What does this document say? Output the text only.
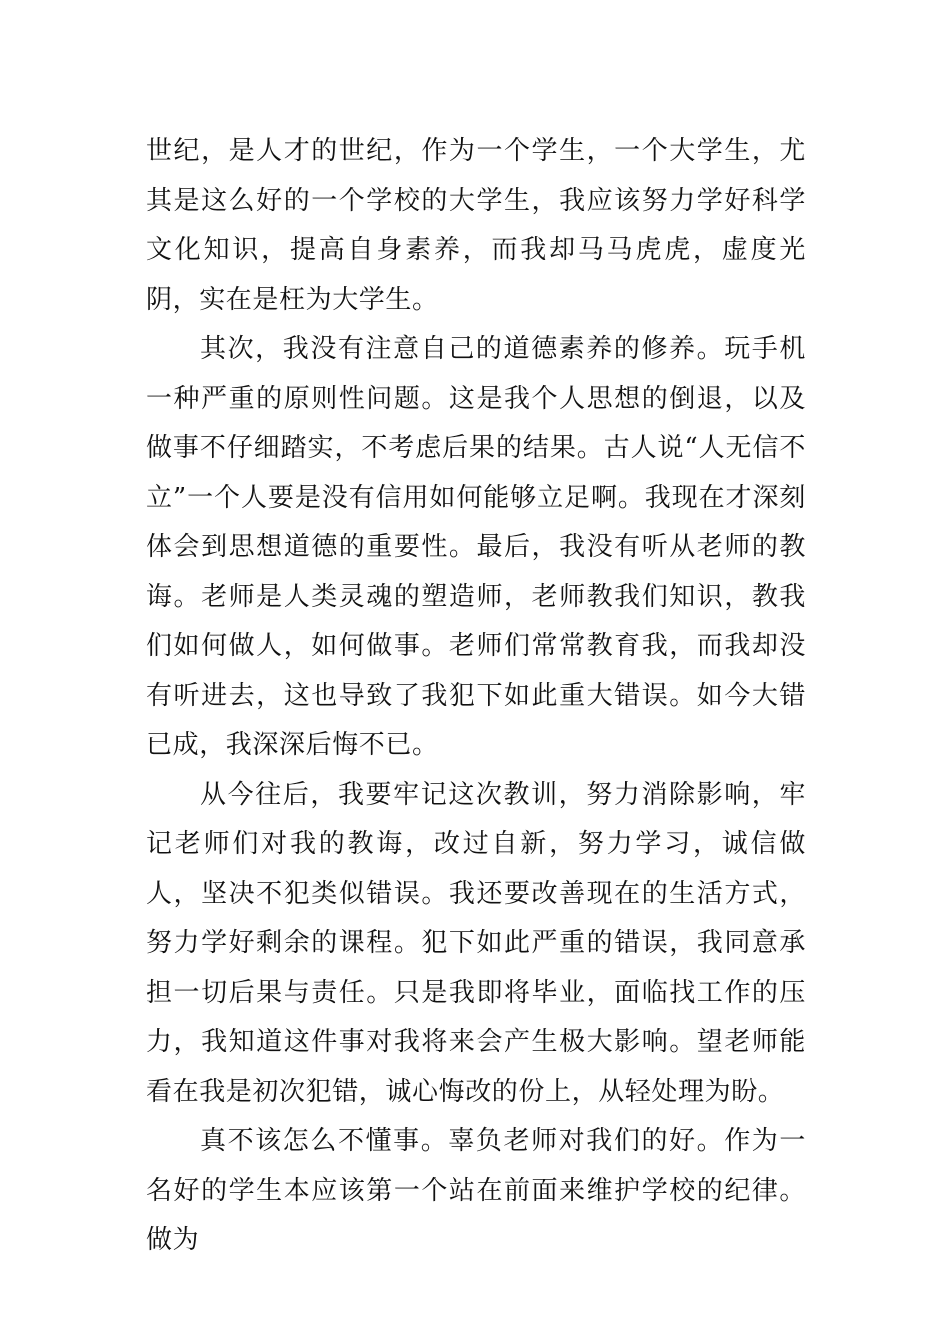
世纪，是人才的世纪，作为一个学生，一个大学生，尤其是这么好的一个学校的大学生，我应该努力学好科学文化知识，提高自身素养，而我却马马虎虎，虚度光阴，实在是枉为大学生。

其次，我没有注意自己的道德素养的修养。玩手机一种严重的原则性问题。这是我个人思想的倒退，以及做事不仔细踏实，不考虑后果的结果。古人说“人无信不立”一个人要是没有信用如何能够立足啊。我现在才深刻体会到思想道德的重要性。最后，我没有听从老师的教诲。老师是人类灵魂的塑造师，老师教我们知识，教我们如何做人，如何做事。老师们常常教育我，而我却没有听进去，这也导致了我犯下如此重大错误。如今大错已成，我深深后悔不已。

从今往后，我要牢记这次教训，努力消除影响，牢记老师们对我的教诲，改过自新，努力学习，诚信做人，坚决不犯类似错误。我还要改善现在的生活方式，努力学好剩余的课程。犯下如此严重的错误，我同意承担一切后果与责任。只是我即将毕业，面临找工作的压力，我知道这件事对我将来会产生极大影响。望老师能看在我是初次犯错，诚心悔改的份上，从轻处理为盼。

真不该怎么不懂事。辜负老师对我们的好。作为一名好的学生本应该第一个站在前面来维护学校的纪律。做为
